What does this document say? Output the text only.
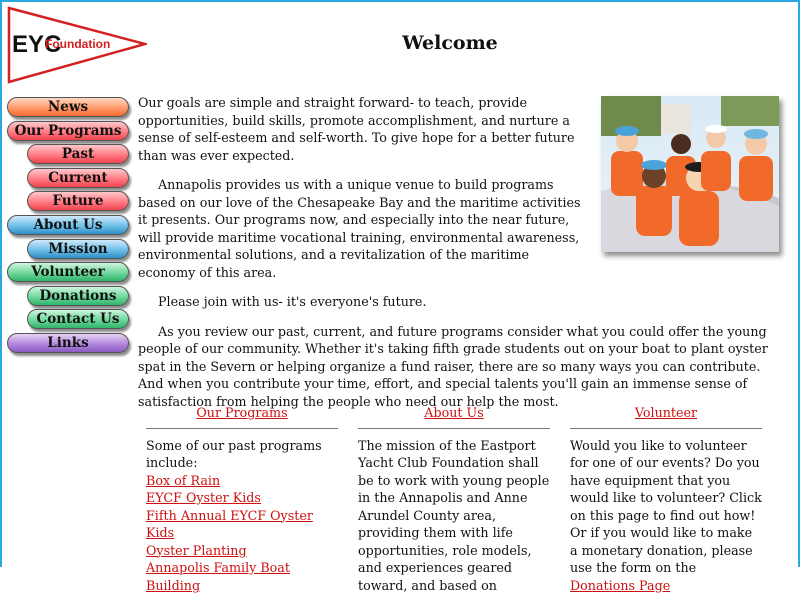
EYC
Foundation	Welcome
News
Our Programs
Past
Current
Future
About Us
Mission
Volunteer
Donations
Contact Us
Links

Our goals are simple and straight forward- to teach, provide opportunities, build skills, promote accomplishment, and nurture a sense of self-esteem and self-worth. To give hope for a better future than was ever expected.

Annapolis provides us with a unique venue to build programs based on our love of the Chesapeake Bay and the maritime activities it presents. Our programs now, and especially into the near future, will provide maritime vocational training, environmental awareness, environmental solutions, and a revitalization of the maritime economy of this area.

Please join with us- it's everyone's future.

As you review our past, current, and future programs consider what you could offer the young people of our community. Whether it's taking fifth grade students out on your boat to plant oyster spat in the Severn or helping organize a fund raiser, there are so many ways you can contribute. And when you contribute your time, effort, and special talents you'll gain an immense sense of satisfaction from helping the people who need our help the most.

Our Programs
Some of our past programs include:
Box of Rain
EYCF Oyster Kids
Fifth Annual EYCF Oyster Kids
Oyster Planting
Annapolis Family Boat Building
About Us
The mission of the Eastport Yacht Club Foundation shall be to work with young people in the Annapolis and Anne Arundel County area, providing them with life opportunities, role models, and experiences geared toward, and based on
Volunteer
Would you like to volunteer for one of our events? Do you have equipment that you would like to volunteer? Click on this page to find out how!
Or if you would like to make a monetary donation, please use the form on the Donations Page
